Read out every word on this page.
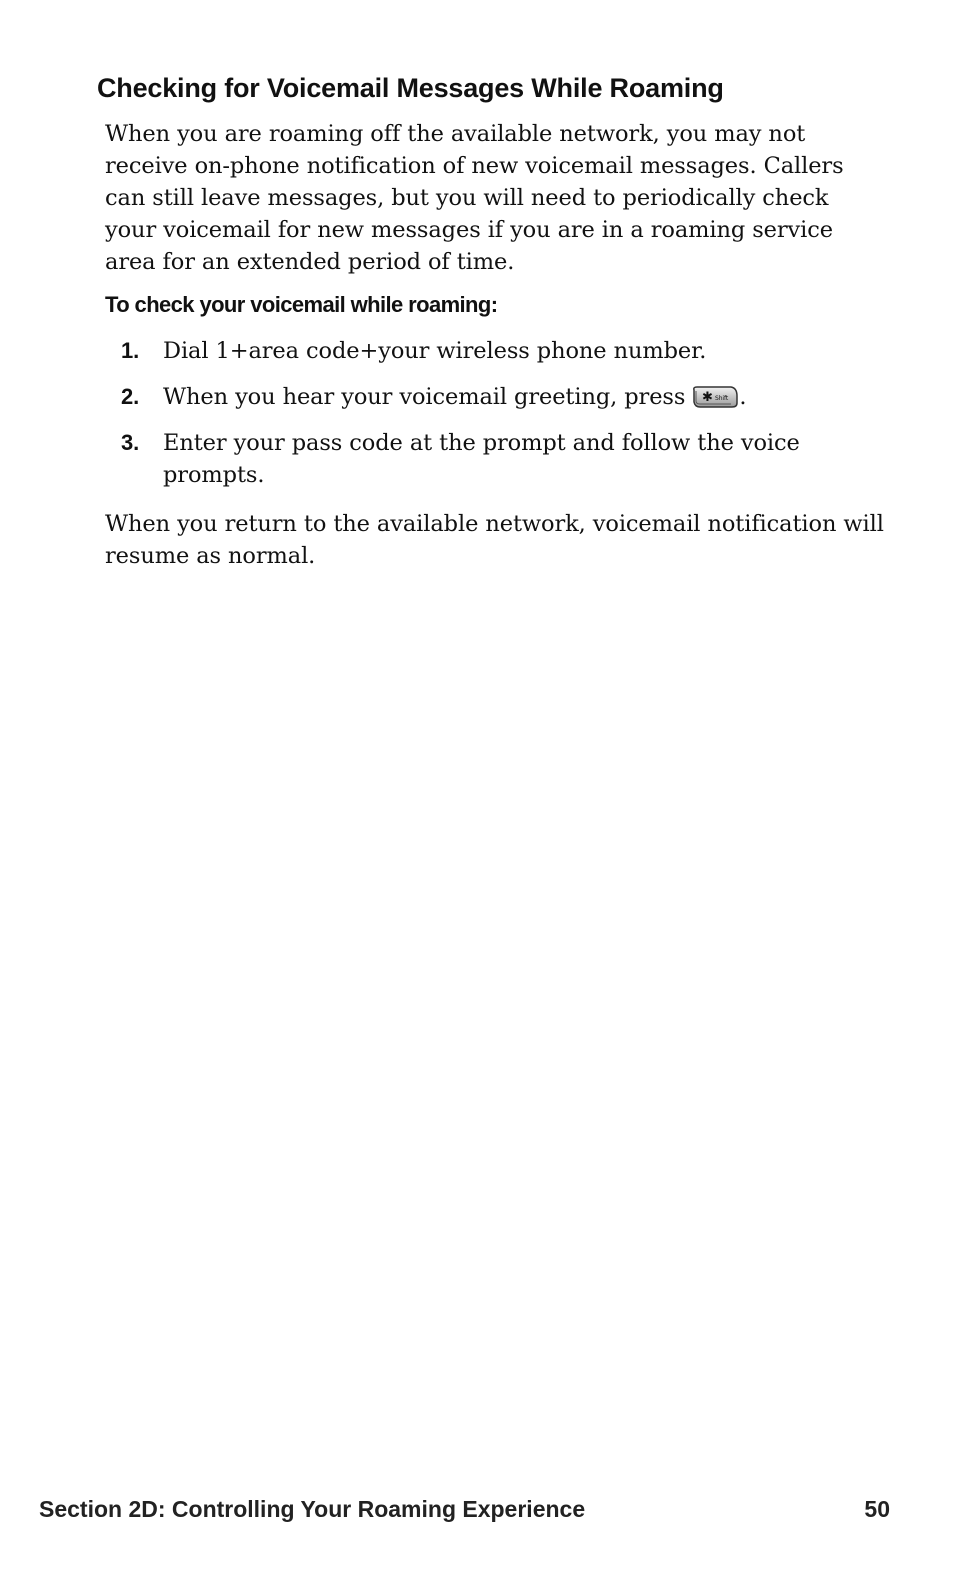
Checking for Voicemail Messages While Roaming

When you are roaming off the available network, you may not receive on-phone notification of new voicemail messages. Callers can still leave messages, but you will need to periodically check your voicemail for new messages if you are in a roaming service area for an extended period of time.

To check your voicemail while roaming:

1. Dial 1+area code+your wireless phone number.
2. When you hear your voicemail greeting, press ✱ Shift .
3. Enter your pass code at the prompt and follow the voice prompts.

When you return to the available network, voicemail notification will resume as normal.

Section 2D: Controlling Your Roaming Experience	50
